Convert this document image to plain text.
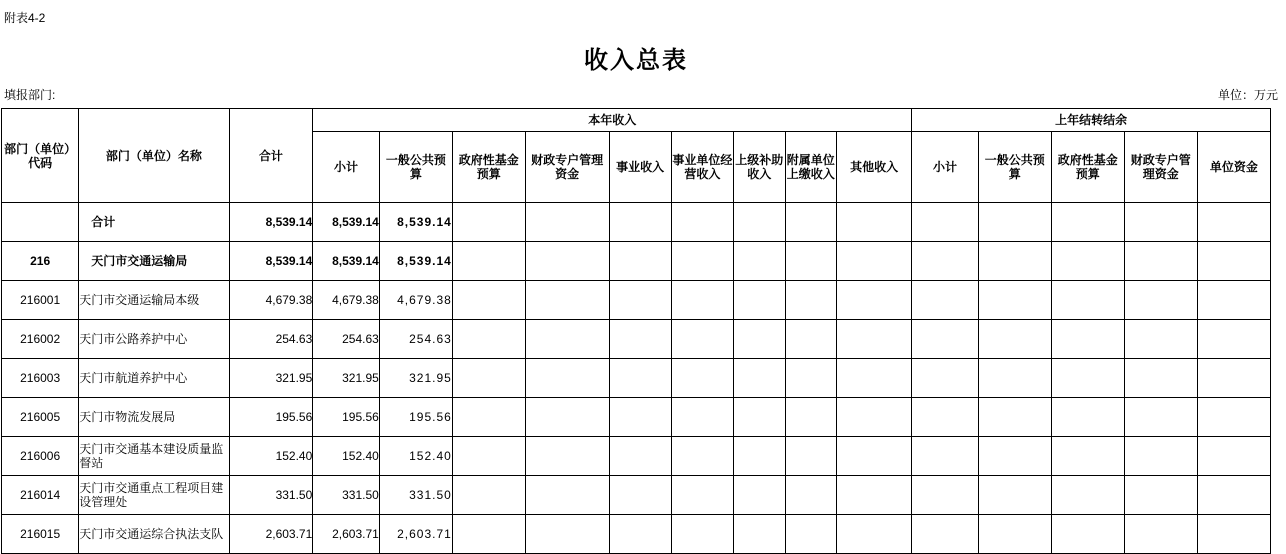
附表4-2
收入总表
填报部门:	单位：万元
部门（单位）代码	部门（单位）名称	合计	本年收入									上年结转结余				
			小计	一般公共预算	政府性基金预算	财政专户管理资金	事业收入	事业单位经营收入	上级补助收入	附属单位上缴收入	其他收入	小计	一般公共预算	政府性基金预算	财政专户管理资金	单位资金
	合计	8,539.14	8,539.14	8,539.14												
216	天门市交通运输局	8,539.14	8,539.14	8,539.14												
216001	天门市交通运输局本级	4,679.38	4,679.38	4,679.38												
216002	天门市公路养护中心	254.63	254.63	254.63												
216003	天门市航道养护中心	321.95	321.95	321.95												
216005	天门市物流发展局	195.56	195.56	195.56												
216006	天门市交通基本建设质量监督站	152.40	152.40	152.40												
216014	天门市交通重点工程项目建设管理处	331.50	331.50	331.50												
216015	天门市交通运综合执法支队	2,603.71	2,603.71	2,603.71												
